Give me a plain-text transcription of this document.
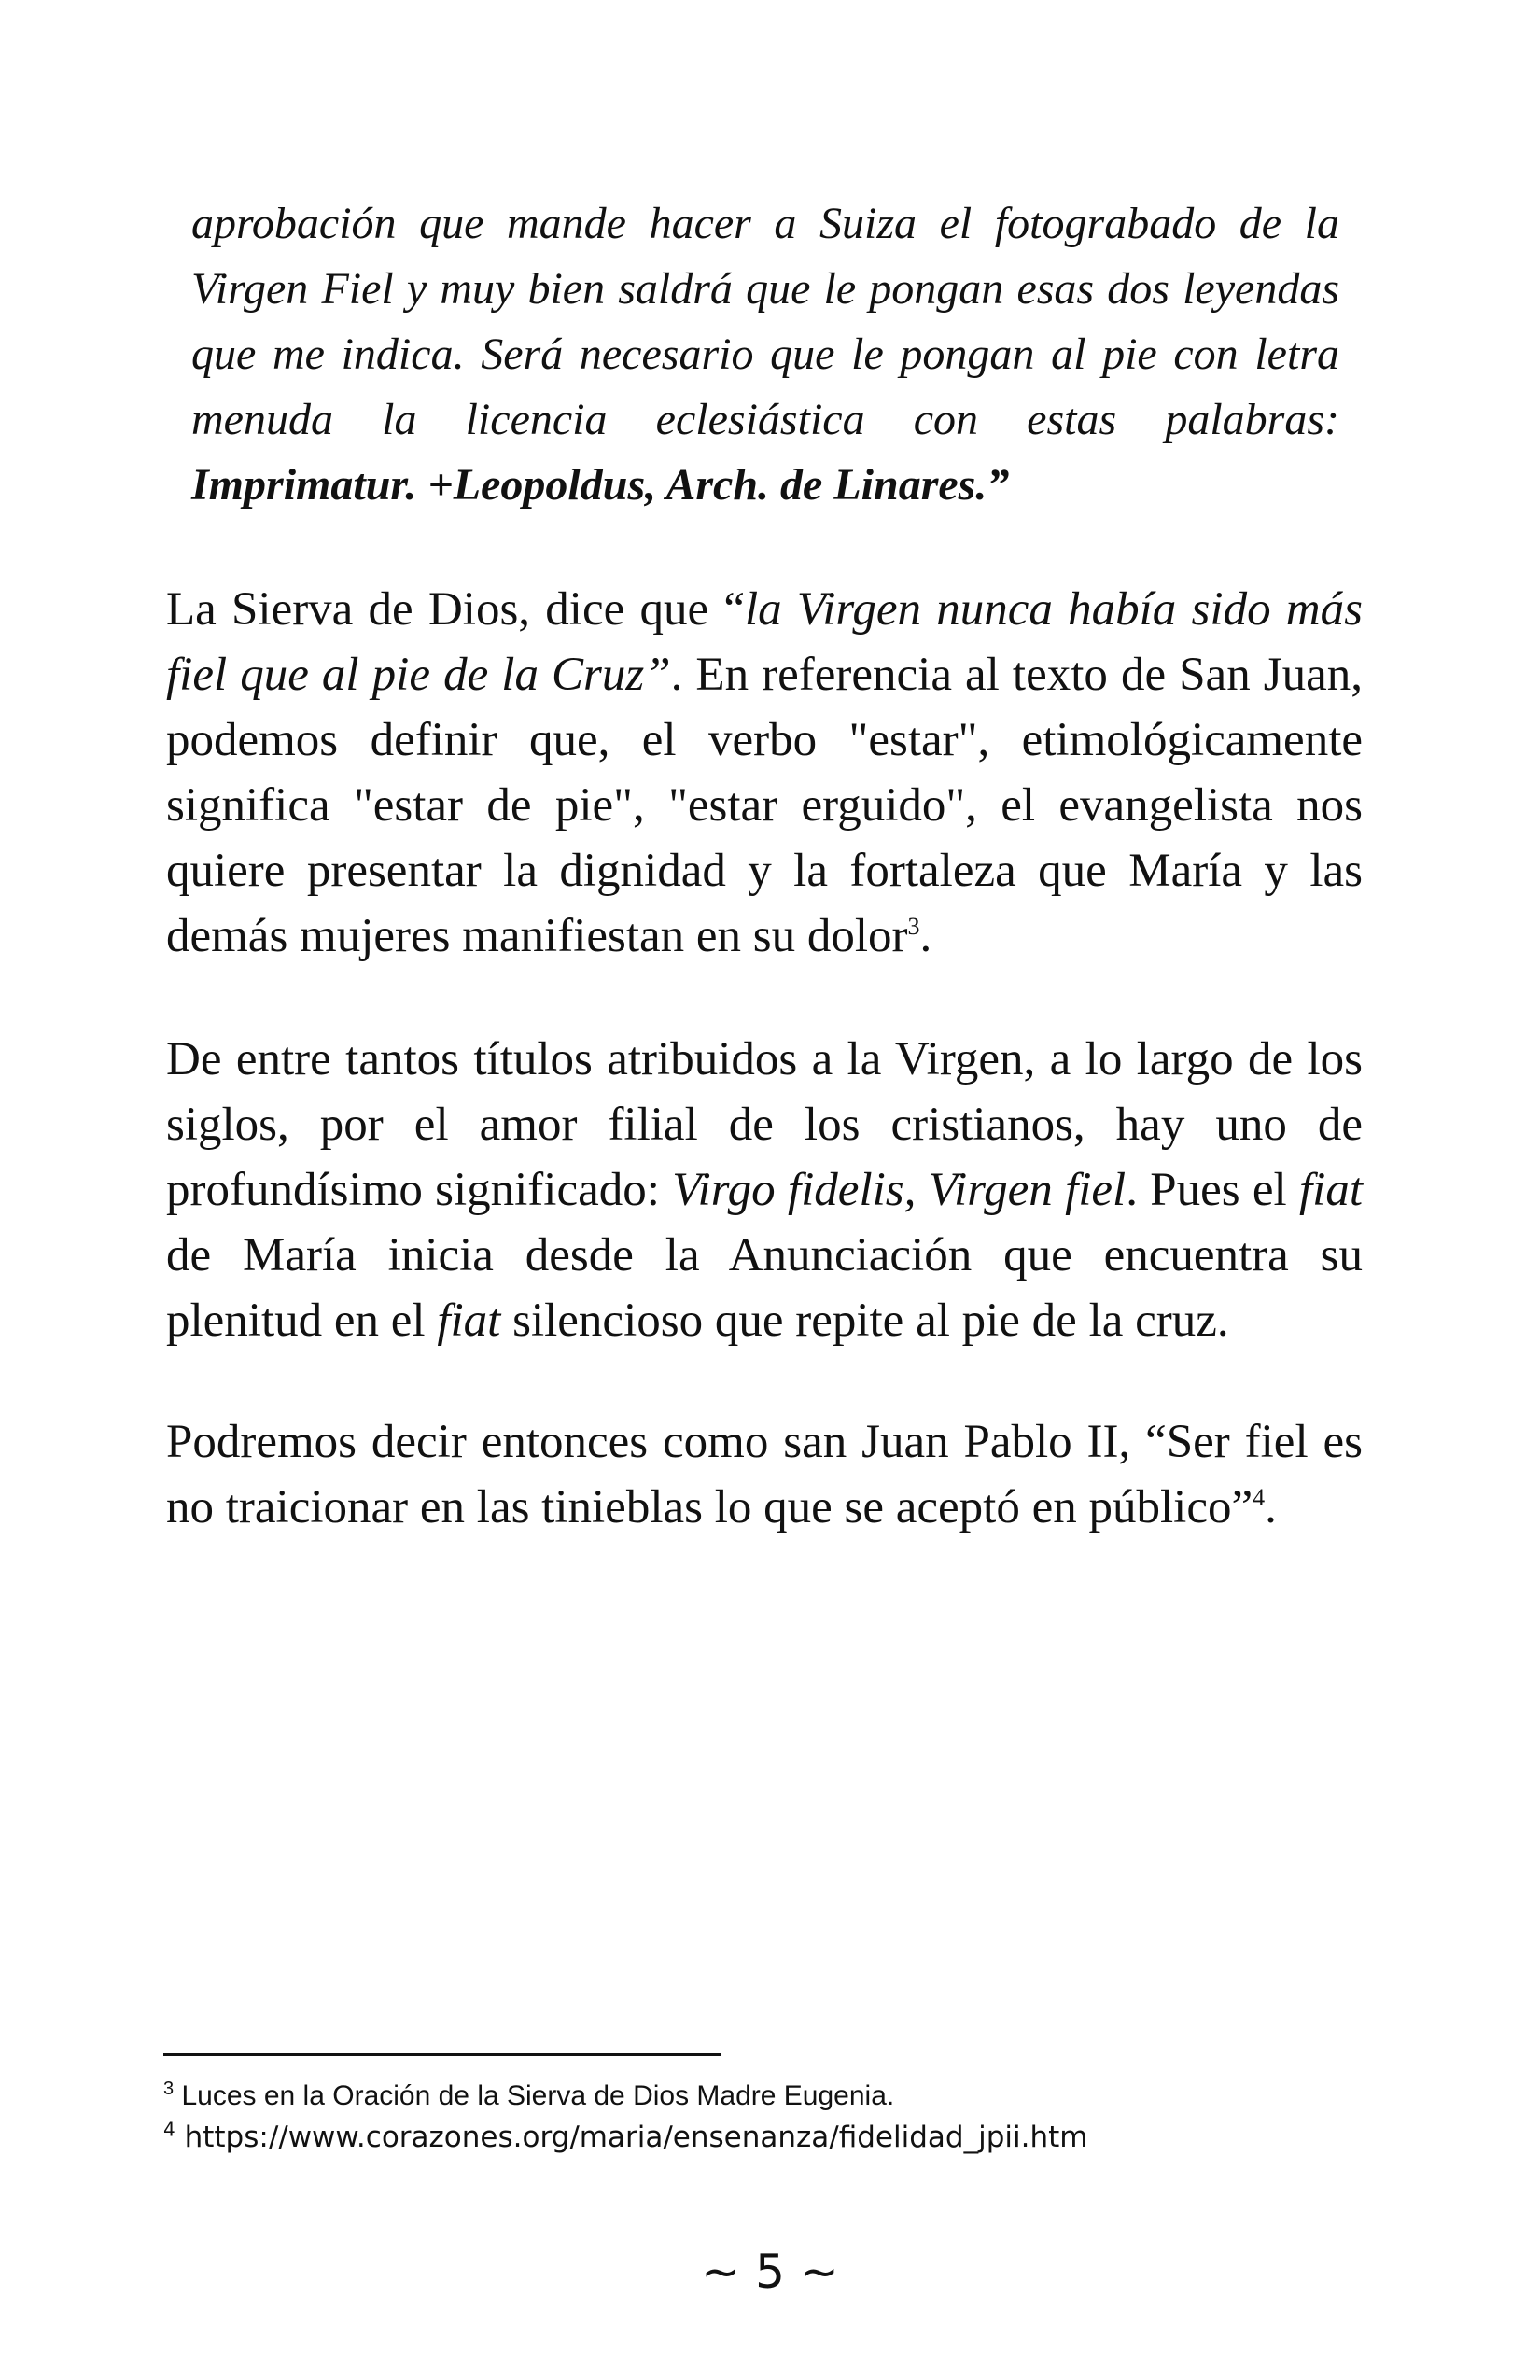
aprobación que mande hacer a Suiza el fotograbado de la Virgen Fiel y muy bien saldrá que le pongan esas dos leyendas que me indica. Será necesario que le pongan al pie con letra menuda la licencia eclesiástica con estas palabras: Imprimatur. +Leopoldus, Arch. de Linares.”
La Sierva de Dios, dice que “la Virgen nunca había sido más fiel que al pie de la Cruz”. En referencia al texto de San Juan, podemos definir que, el verbo "estar", etimológicamente significa "estar de pie", "estar erguido", el evangelista nos quiere presentar la dignidad y la fortaleza que María y las demás mujeres manifiestan en su dolor$^3$.
De entre tantos títulos atribuidos a la Virgen, a lo largo de los siglos, por el amor filial de los cristianos, hay uno de profundísimo significado: Virgo fidelis, Virgen fiel. Pues el fiat de María inicia desde la Anunciación que encuentra su plenitud en el fiat silencioso que repite al pie de la cruz.
Podremos decir entonces como san Juan Pablo II, “Ser fiel es no traicionar en las tinieblas lo que se aceptó en público”$^4$.
$^3$ Luces en la Oración de la Sierva de Dios Madre Eugenia.
$^4$ https://www.corazones.org/maria/ensenanza/fidelidad_jpii.htm
~ 5 ~
